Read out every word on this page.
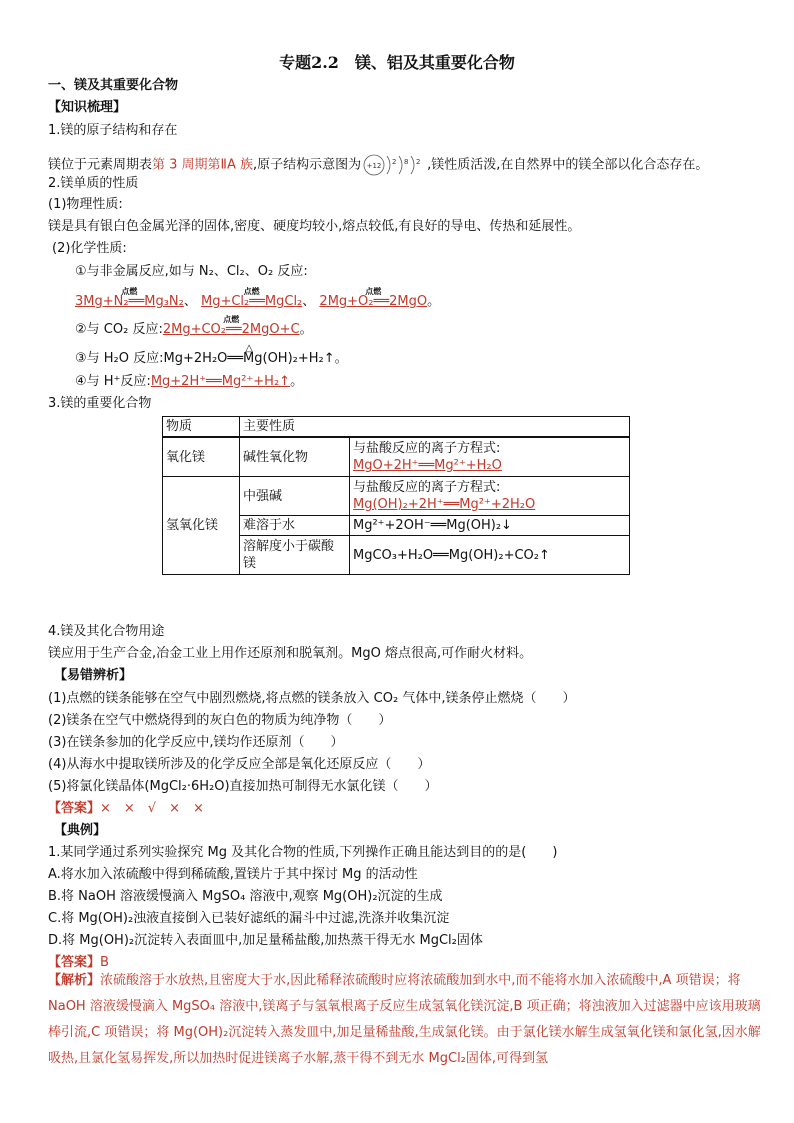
专题2.2　镁、铝及其重要化合物
一、镁及其重要化合物
【知识梳理】
1.镁的原子结构和存在
镁位于元素周期表第 3 周期第ⅡA 族,原子结构示意图为 +12 2 8 2 ,镁性质活泼,在自然界中的镁全部以化合态存在。
2.镁单质的性质
(1)物理性质:
镁是具有银白色金属光泽的固体,密度、硬度均较小,熔点较低,有良好的导电、传热和延展性。
(2)化学性质:
①与非金属反应,如与 N₂、Cl₂、O₂ 反应:
点燃
3Mg+N₂══Mg₃N₂、
点燃
Mg+Cl₂══MgCl₂、
点燃
2Mg+O₂══2MgO。
②与 CO₂ 反应:
点燃
2Mg+CO₂══2MgO+C。
③与 H₂O 反应:
△
Mg+2H₂O══Mg(OH)₂+H₂↑。
④与 H⁺反应:Mg+2H⁺══Mg²⁺+H₂↑。
3.镁的重要化合物
物质	主要性质	
氧化镁	碱性氧化物	与盐酸反应的离子方程式:
MgO+2H⁺══Mg²⁺+H₂O

氢氧化镁	中强碱	与盐酸反应的离子方程式:
Mg(OH)₂+2H⁺══Mg²⁺+2H₂O

	难溶于水	Mg²⁺+2OH⁻══Mg(OH)₂↓
	溶解度小于碳酸镁	MgCO₃+H₂O══Mg(OH)₂+CO₂↑
4.镁及其化合物用途
镁应用于生产合金,冶金工业上用作还原剂和脱氧剂。MgO 熔点很高,可作耐火材料。
【易错辨析】
(1)点燃的镁条能够在空气中剧烈燃烧,将点燃的镁条放入 CO₂ 气体中,镁条停止燃烧（　　）
(2)镁条在空气中燃烧得到的灰白色的物质为纯净物（　　）
(3)在镁条参加的化学反应中,镁均作还原剂（　　）
(4)从海水中提取镁所涉及的化学反应全部是氧化还原反应（　　）
(5)将氯化镁晶体(MgCl₂·6H₂O)直接加热可制得无水氯化镁（　　）
【答案】×　×　√　×　×
【典例】
1.某同学通过系列实验探究 Mg 及其化合物的性质,下列操作正确且能达到目的的是(　　)
A.将水加入浓硫酸中得到稀硫酸,置镁片于其中探讨 Mg 的活动性
B.将 NaOH 溶液缓慢滴入 MgSO₄ 溶液中,观察 Mg(OH)₂沉淀的生成
C.将 Mg(OH)₂浊液直接倒入已装好滤纸的漏斗中过滤,洗涤并收集沉淀
D.将 Mg(OH)₂沉淀转入表面皿中,加足量稀盐酸,加热蒸干得无水 MgCl₂固体
【答案】B
【解析】浓硫酸溶于水放热,且密度大于水,因此稀释浓硫酸时应将浓硫酸加到水中,而不能将水加入浓硫酸中,A 项错误；将 NaOH 溶液缓慢滴入 MgSO₄ 溶液中,镁离子与氢氧根离子反应生成氢氧化镁沉淀,B 项正确；将浊液加入过滤器中应该用玻璃棒引流,C 项错误；将 Mg(OH)₂沉淀转入蒸发皿中,加足量稀盐酸,生成氯化镁。由于氯化镁水解生成氢氧化镁和氯化氢,因水解吸热,且氯化氢易挥发,所以加热时促进镁离子水解,蒸干得不到无水 MgCl₂固体,可得到氢
